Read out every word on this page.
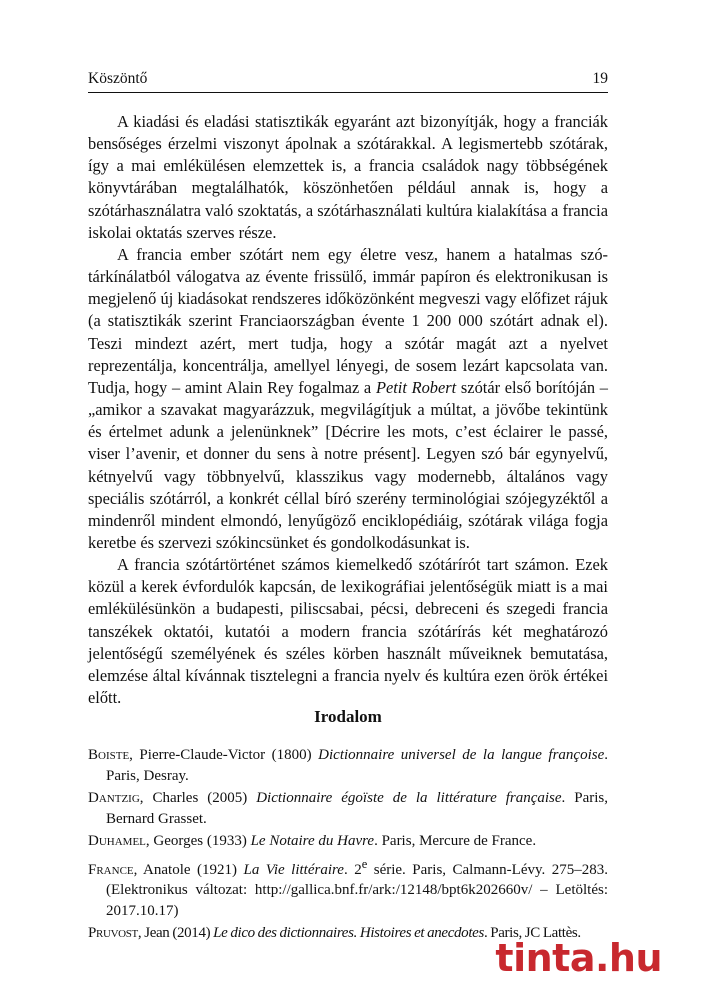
Köszöntő	19

A kiadási és eladási statisztikák egyaránt azt bizonyítják, hogy a franciák bensőséges érzelmi viszonyt ápolnak a szótárakkal. A legismertebb szótárak, így a mai emlékülésen elemzettek is, a francia családok nagy többségének könyvtárában megtalálhatók, köszönhetően például annak is, hogy a szótárhasználatra való szoktatás, a szótárhasználati kultúra kialakítása a francia iskolai oktatás szerves része.

A francia ember szótárt nem egy életre vesz, hanem a hatalmas szótárkínálatból válogatva az évente frissülő, immár papíron és elektronikusan is megjelenő új kiadásokat rendszeres időközönként megveszi vagy előfizet rájuk (a statisztikák szerint Franciaországban évente 1 200 000 szótárt adnak el). Teszi mindezt azért, mert tudja, hogy a szótár magát azt a nyelvet reprezentálja, koncentrálja, amellyel lényegi, de sosem lezárt kapcsolata van. Tudja, hogy – amint Alain Rey fogalmaz a Petit Robert szótár első borítóján – „amikor a szavakat magyarázzuk, megvilágítjuk a múltat, a jövőbe tekintünk és értelmet adunk a jelenünknek” [Décrire les mots, c’est éclairer le passé, viser l’avenir, et donner du sens à notre présent]. Legyen szó bár egynyelvű, kétnyelvű vagy többnyelvű, klasszikus vagy modernebb, általános vagy speciális szótárról, a konkrét céllal bíró szerény terminológiai szójegyzéktől a mindenről mindent elmondó, lenyűgöző enciklopédiáig, szótárak világa fogja keretbe és szervezi szókincsünket és gondolkodásunkat is.

A francia szótártörténet számos kiemelkedő szótárírót tart számon. Ezek közül a kerek évfordulók kapcsán, de lexikográfiai jelentőségük miatt is a mai emlékülésünkön a budapesti, piliscsabai, pécsi, debreceni és szegedi francia tanszékek oktatói, kutatói a modern francia szótárírás két meghatározó jelentőségű személyének és széles körben használt műveiknek bemutatása, elemzése által kívánnak tisztelegni a francia nyelv és kultúra ezen örök értékei előtt.

Irodalom
Boiste, Pierre-Claude-Victor (1800) Dictionnaire universel de la langue françoise. Paris, Desray.
Dantzig, Charles (2005) Dictionnaire égoïste de la littérature française. Paris, Bernard Grasset.
Duhamel, Georges (1933) Le Notaire du Havre. Paris, Mercure de France.
France, Anatole (1921) La Vie littéraire. 2e série. Paris, Calmann-Lévy. 275–283. (Elektronikus változat: http://gallica.bnf.fr/ark:/12148/bpt6k202660v/ – Letöltés: 2017.10.17)
Pruvost, Jean (2014) Le dico des dictionnaires. Histoires et anecdotes. Paris, JC Lattès.
tinta.hu
